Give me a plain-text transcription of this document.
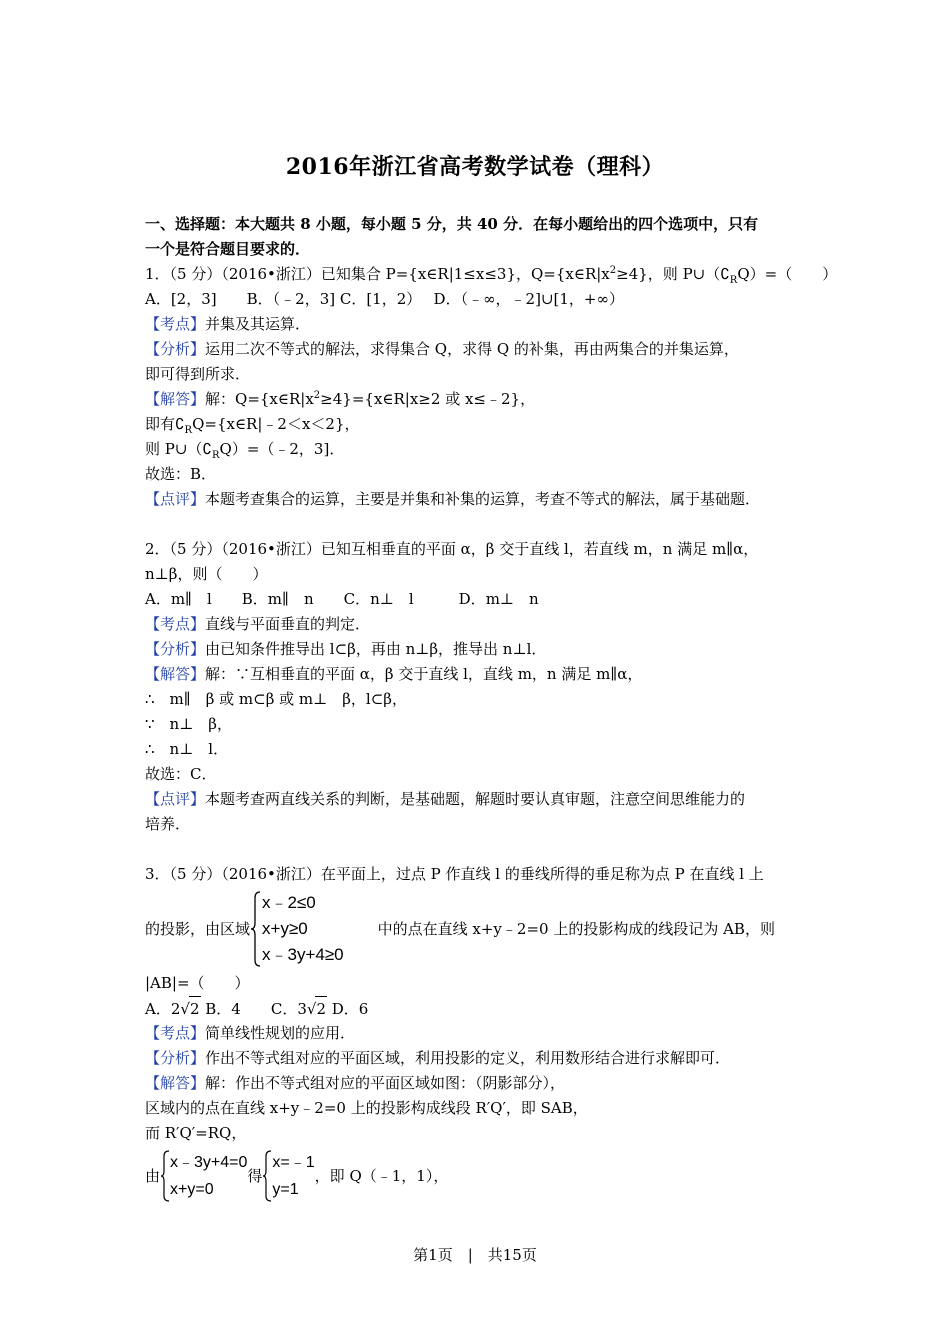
2016年浙江省高考数学试卷（理科）
一、选择题：本大题共 8 小题，每小题 5 分，共 40 分．在每小题给出的四个选项中，只有
一个是符合题目要求的．
1．（5 分）（2016•浙江）已知集合 P={x∈R|1≤x≤3}，$Q=\{x\in R|x^2\ge 4\}$，则 $P\cup(∁_RQ)=$（　　）
A．[2，3]　　B．（﹣2，3] C．[1，2）　 D．（﹣∞，﹣2]∪[1，+∞）
【考点】并集及其运算．
【分析】运用二次不等式的解法，求得集合 Q，求得 Q 的补集，再由两集合的并集运算，
即可得到所求．
【解答】解：$Q=\{x\in R|x^2\ge 4\}=\{x\in R|x\ge 2$ 或 x≤﹣2}，
即有$∁_RQ=\{x\in R|﹣2<x<2\}$，
则 $P\cup(∁_RQ)=(﹣2$，3]．
故选：B．
【点评】本题考查集合的运算，主要是并集和补集的运算，考查不等式的解法，属于基础题．
2．（5 分）（2016•浙江）已知互相垂直的平面 α，β 交于直线 l，若直线 m，n 满足 m∥α，
n⊥β，则（　　）
A．m∥　l　　B．m∥　n　　C．n⊥　l　　　D．m⊥　n
【考点】直线与平面垂直的判定．
【分析】由已知条件推导出 l⊂β，再由 n⊥β，推导出 n⊥l．
【解答】解：∵互相垂直的平面 α，β 交于直线 l，直线 m，n 满足 m∥α，
∴　m∥　β 或 m⊂β 或 m⊥　β，l⊂β，
∵　n⊥　β，
∴　n⊥　l．
故选：C．
【点评】本题考查两直线关系的判断，是基础题，解题时要认真审题，注意空间思维能力的
培养．
3．（5 分）（2016•浙江）在平面上，过点 P 作直线 l 的垂线所得的垂足称为点 P 在直线 l 上
的投影，由区域
x﹣2≤0
x+y≥0
x﹣3y+4≥0
中的点在直线 x+y﹣2=0 上的投影构成的线段记为 AB，则
|AB|=（　　）
A．2√2 B．4　　C．3√2 D．6
【考点】简单线性规划的应用．
【分析】作出不等式组对应的平面区域，利用投影的定义，利用数形结合进行求解即可．
【解答】解：作出不等式组对应的平面区域如图：（阴影部分），
区域内的点在直线 x+y﹣2=0 上的投影构成线段 R′Q′，即 SAB，
而 R′Q′=RQ，
由
x﹣3y+4=0
x+y=0
得
x=﹣1
y=1
，即 Q（﹣1，1），
第1页　|　共15页
